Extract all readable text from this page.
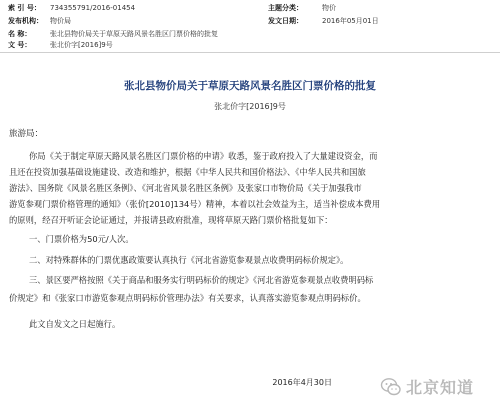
索 引 号： 734355791/2016-01454	主题分类：	物价
发布机构： 物价局	发文日期：	2016年05月01日
名 称：	张北县物价局关于草原天路风景名胜区门票价格的批复
文 号：	张北价字[2016]9号
张北县物价局关于草原天路风景名胜区门票价格的批复
张北价字[2016]9号
旅游局：
你局《关于制定草原天路风景名胜区门票价格的申请》收悉，鉴于政府投入了大量建设资金，而
且还在投资加强基础设施建设、改造和维护，根据《中华人民共和国价格法》、《中华人民共和国旅
游法》、国务院《风景名胜区条例》、《河北省风景名胜区条例》及张家口市物价局《关于加强我市
游览参观门票价格管理的通知》（张价[2010]134号）精神，本着以社会效益为主，适当补偿成本费用
的原则，经召开听证会论证通过，并报请县政府批准，现将草原天路门票价格批复如下：
一、门票价格为50元/人次。
二、对特殊群体的门票优惠政策要认真执行《河北省游览参观景点收费明码标价规定》。
三、景区要严格按照《关于商品和服务实行明码标价的规定》《河北省游览参观景点收费明码标
价规定》和《张家口市游览参观点明码标价管理办法》有关要求，认真落实游览参观点明码标价。
此文自发文之日起施行。
2016年4月30日	北京知道
